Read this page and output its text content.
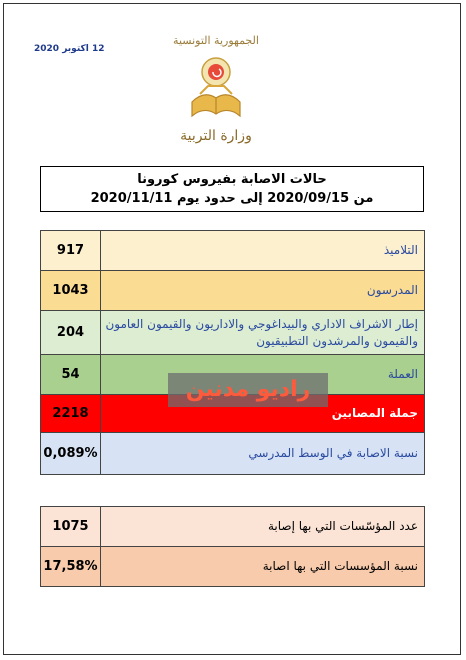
12 اكتوبر 2020
الجمهورية التونسية
وزارة التربية
حالات الاصابة بفيروس كورونا
من 2020/09/15 إلى حدود يوم 2020/11/11
917	التلاميذ
1043	المدرسون
204	إطار الاشراف الاداري والبيداغوجي والاداريون والقيمون العامون والقيمون والمرشدون التطبيقيون
54	العملة
2218	جملة المصابين
0,089%	نسبة الاصابة في الوسط المدرسي
راديو مدنين
1075	عدد المؤسّسات التي بها إصابة
17,58%	نسبة المؤسسات التي بها اصابة
